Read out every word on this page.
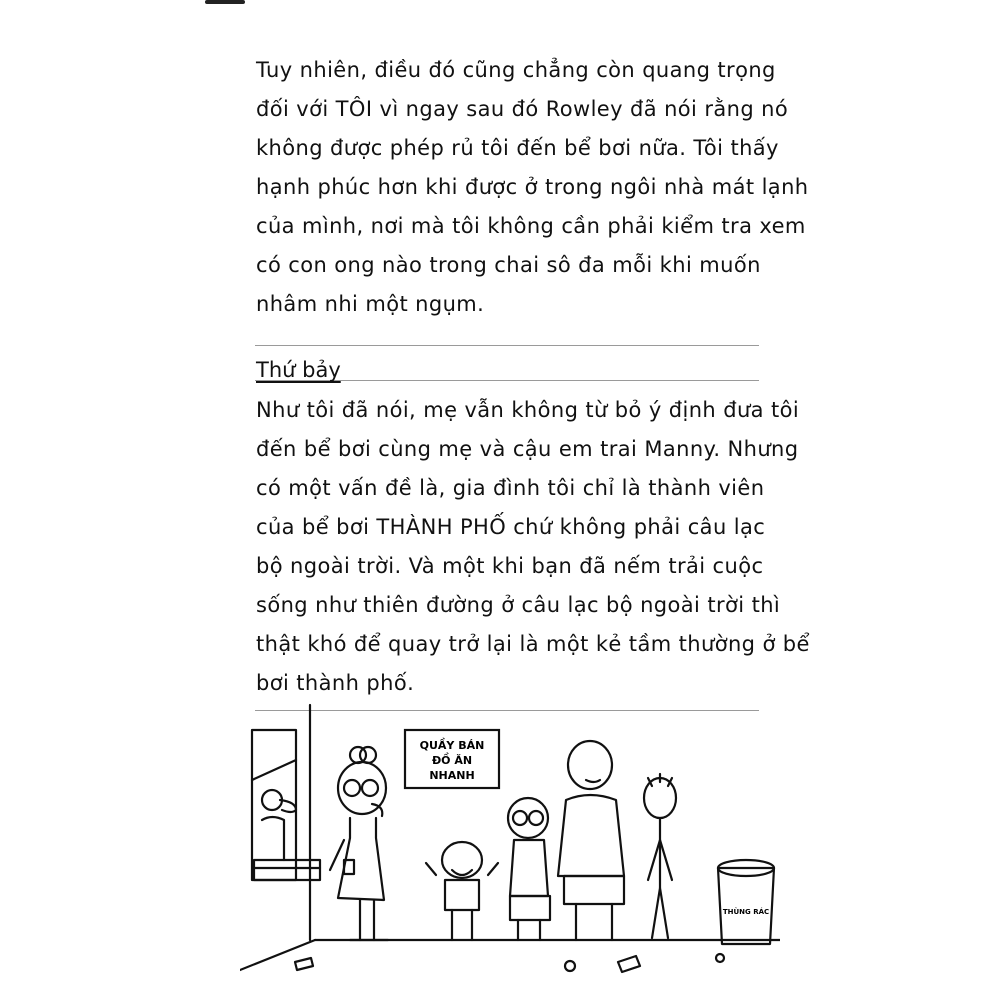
Tuy nhiên, điều đó cũng chẳng còn quang trọng
đối với TÔI vì ngay sau đó Rowley đã nói rằng nó
không được phép rủ tôi đến bể bơi nữa. Tôi thấy
hạnh phúc hơn khi được ở trong ngôi nhà mát lạnh
của mình, nơi mà tôi không cần phải kiểm tra xem
có con ong nào trong chai sô đa mỗi khi muốn
nhâm nhi một ngụm.
Thứ bảy
Như tôi đã nói, mẹ vẫn không từ bỏ ý định đưa tôi
đến bể bơi cùng mẹ và cậu em trai Manny. Nhưng
có một vấn đề là, gia đình tôi chỉ là thành viên
của bể bơi THÀNH PHỐ chứ không phải câu lạc
bộ ngoài trời. Và một khi bạn đã nếm trải cuộc
sống như thiên đường ở câu lạc bộ ngoài trời thì
thật khó để quay trở lại là một kẻ tầm thường ở bể
bơi thành phố.
QUẦY BÁN
ĐỒ ĂN
NHANH
THÙNG RÁC
